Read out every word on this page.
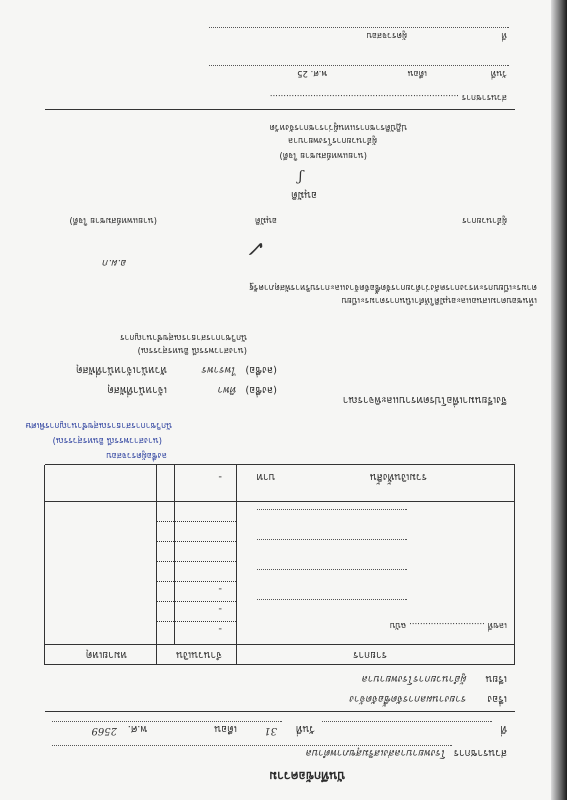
บันทึกข้อความ
ส่วนราชการ
โรงพยาบาลส่งเสริมสุขภาพตำบล
ที่
วันที่
31
เดือน
พ.ศ.
2569
เรื่อง
รายงานผลการจัดซื้อจัดจ้าง
เรียน
ผู้อำนวยการโรงพยาบาล
รายการ
จำนวนเงิน
หมายเหตุ
-
-
-
เลขที่ ............................ ฉบับ
รวมเงินทั้งสิ้น
บาท
-
ลงชื่อผู้ตรวจสอบ
(นางสาวพรรณี อินทรสุวรรณ)
นักวิชาการสาธารณสุขชำนาญการพิเศษ
จึงเรียนมาเพื่อโปรดทราบและพิจารณา
(ลงชื่อ)
ทิพา
เจ้าหน้าที่พัสดุ
(ลงชื่อ)
ไพราพร
หัวหน้าเจ้าหน้าที่พัสดุ
(นางสาวพรรณี อินทรสุวรรณ)
นักวิชาการสาธารณสุขชำนาญการ
เห็นชอบตามเสนอและอนุมัติให้ดำเนินการตามระเบียบ
ตามระเบียบกระทรวงการคลังว่าด้วยการจัดซื้อจัดจ้างและการบริหารพัสดุภาครัฐ
✓
อ.ผ.ก
ผู้อำนวยการ
อนุมัติ
(นายแพทย์สมชาย ใจดี)
อนุมัติ
ʃ
(นายแพทย์สมชาย ใจดี)
ผู้อำนวยการโรงพยาบาล
ปฏิบัติราชการแทนผู้ว่าราชการจังหวัด
ส่วนราชการ ......................................................................
วันที่
เดือน
พ.ศ. 25
ที่
ผู้ตรวจสอบ
